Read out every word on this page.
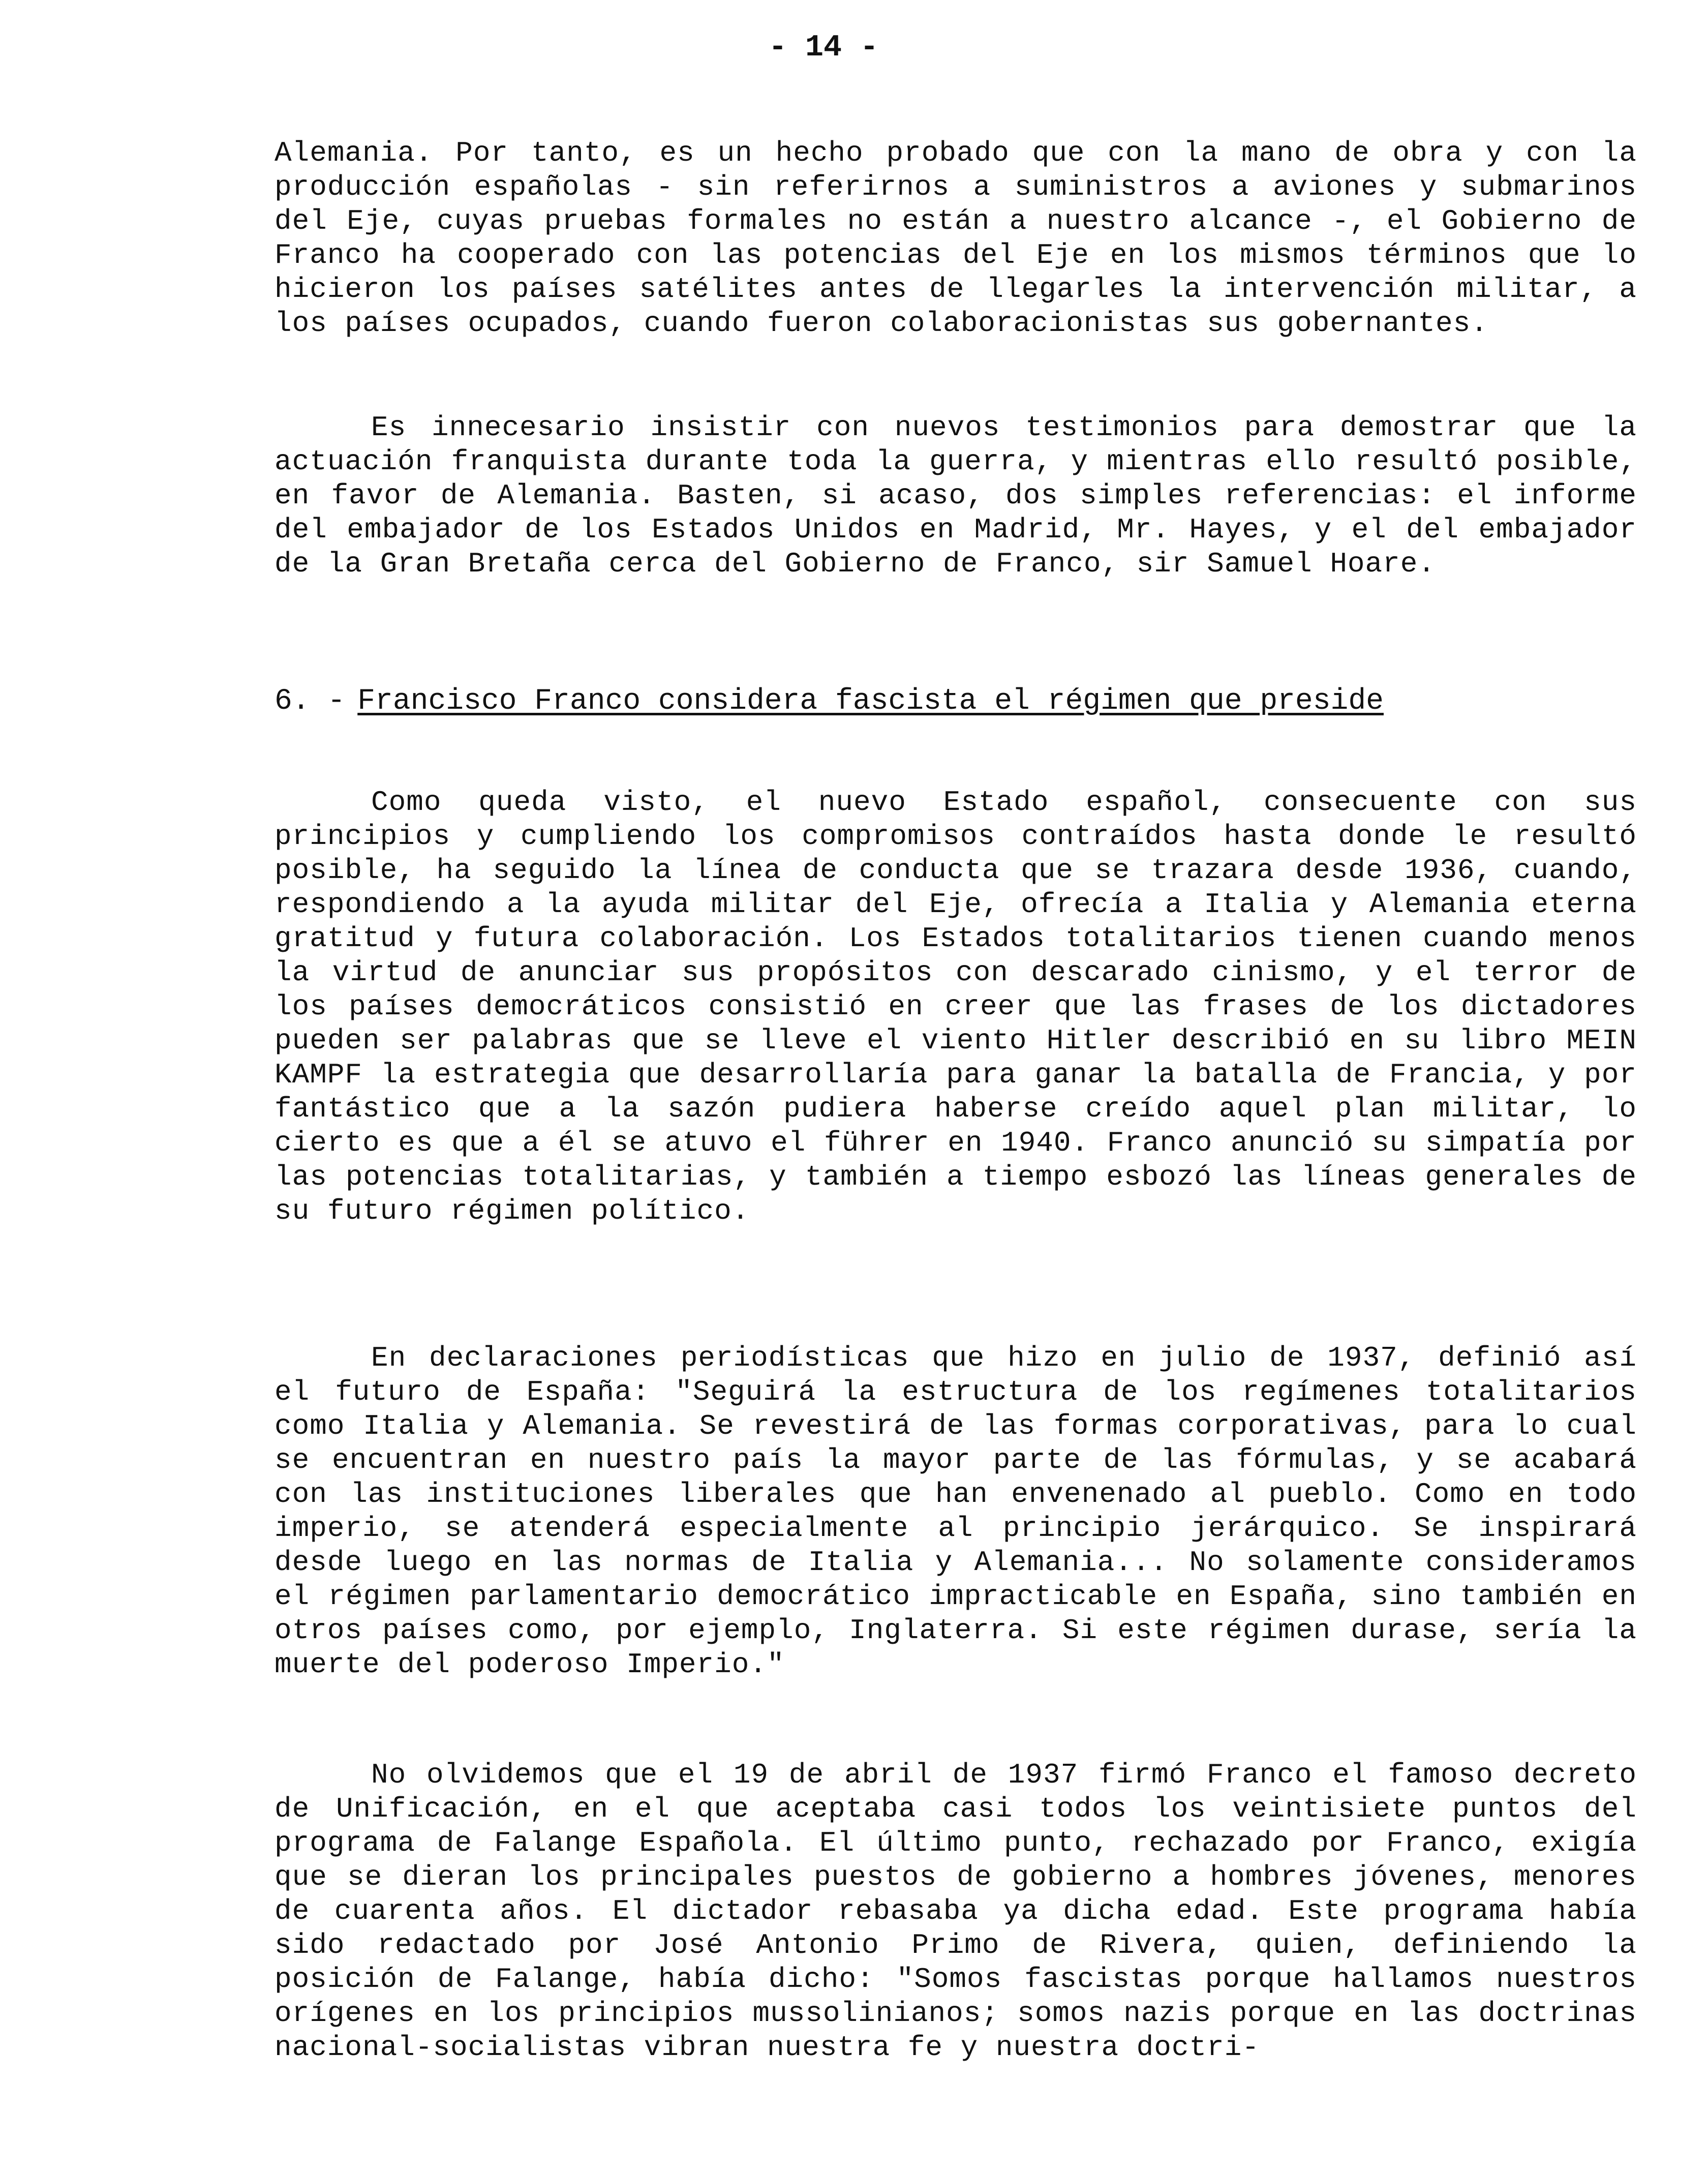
- 14 -

Alemania. Por tanto, es un hecho probado que con la mano de obra y con la producción españolas - sin referirnos a suministros a aviones y submarinos del Eje, cuyas pruebas formales no están a nuestro alcance -, el Gobierno de Franco ha cooperado con las potencias del Eje en los mismos términos que lo hicieron los países satélites antes de llegarles la intervención militar, a los países ocupados, cuando fueron colaboracionistas sus gobernantes.

Es innecesario insistir con nuevos testimonios para demostrar que la actuación franquista durante toda la guerra, y mientras ello resultó posible, en favor de Alemania. Basten, si acaso, dos simples referencias: el informe del embajador de los Estados Unidos en Madrid, Mr. Hayes, y el del embajador de la Gran Bretaña cerca del Gobierno de Franco, sir Samuel Hoare.

6. - Francisco Franco considera fascista el régimen que preside

Como queda visto, el nuevo Estado español, consecuente con sus principios y cumpliendo los compromisos contraídos hasta donde le resultó posible, ha seguido la línea de conducta que se trazara desde 1936, cuando, respondiendo a la ayuda militar del Eje, ofrecía a Italia y Alemania eterna gratitud y futura colaboración. Los Estados totalitarios tienen cuando menos la virtud de anunciar sus propósitos con descarado cinismo, y el terror de los países democráticos consistió en creer que las frases de los dictadores pueden ser palabras que se lleve el viento Hitler describió en su libro MEIN KAMPF la estrategia que desarrollaría para ganar la batalla de Francia, y por fantástico que a la sazón pudiera haberse creído aquel plan militar, lo cierto es que a él se atuvo el führer en 1940. Franco anunció su simpatía por las potencias totalitarias, y también a tiempo esbozó las líneas generales de su futuro régimen político.

En declaraciones periodísticas que hizo en julio de 1937, definió así el futuro de España: "Seguirá la estructura de los regímenes totalitarios como Italia y Alemania. Se revestirá de las formas corporativas, para lo cual se encuentran en nuestro país la mayor parte de las fórmulas, y se acabará con las instituciones liberales que han envenenado al pueblo. Como en todo imperio, se atenderá especialmente al principio jerárquico. Se inspirará desde luego en las normas de Italia y Alemania... No solamente consideramos el régimen parlamentario democrático impracticable en España, sino también en otros países como, por ejemplo, Inglaterra. Si este régimen durase, sería la muerte del poderoso Imperio."

No olvidemos que el 19 de abril de 1937 firmó Franco el famoso decreto de Unificación, en el que aceptaba casi todos los veintisiete puntos del programa de Falange Española. El último punto, rechazado por Franco, exigía que se dieran los principales puestos de gobierno a hombres jóvenes, menores de cuarenta años. El dictador rebasaba ya dicha edad. Este programa había sido redactado por José Antonio Primo de Rivera, quien, definiendo la posición de Falange, había dicho: "Somos fascistas porque hallamos nuestros orígenes en los principios mussolinianos; somos nazis porque en las doctrinas nacional-socialistas vibran nuestra fe y nuestra doctri-
